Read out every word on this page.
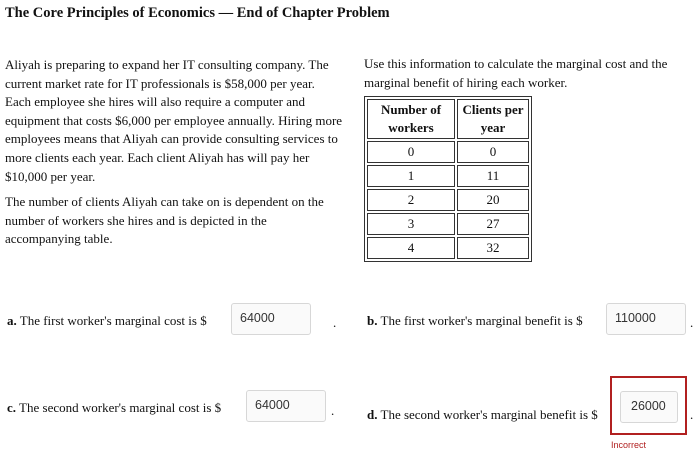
The Core Principles of Economics — End of Chapter Problem

Aliyah is preparing to expand her IT consulting company. The current market rate for IT professionals is $58,000 per year. Each employee she hires will also require a computer and equipment that costs $6,000 per employee annually. Hiring more employees means that Aliyah can provide consulting services to more clients each year. Each client Aliyah has will pay her $10,000 per year.

The number of clients Aliyah can take on is dependent on the number of workers she hires and is depicted in the accompanying table.

Use this information to calculate the marginal cost and the marginal benefit of hiring each worker.

Number of workers	Clients per year
0	0
1	11
2	20
3	27
4	32
a. The first worker's marginal cost is $	64000	. b. The first worker's marginal benefit is $	110000	.
c. The second worker's marginal cost is $	64000	.	d. The second worker's marginal benefit is $
26000
.
Incorrect
